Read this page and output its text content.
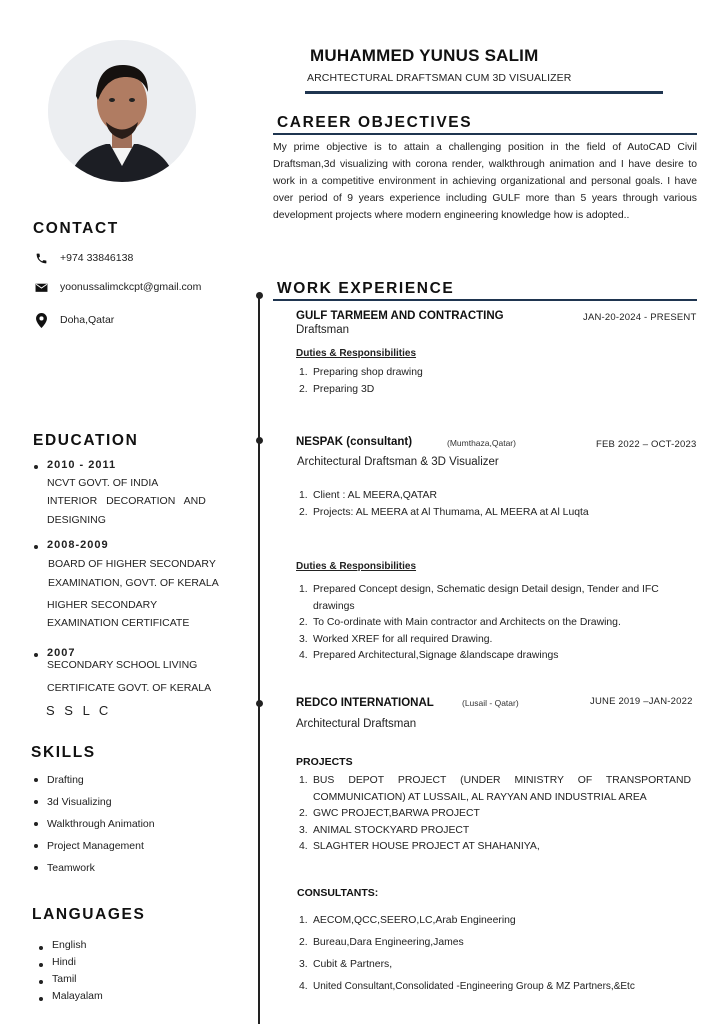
MUHAMMED YUNUS SALIM
ARCHTECTURAL DRAFTSMAN CUM 3D VISUALIZER
CAREER OBJECTIVES
My prime objective is to attain a challenging position in the field of AutoCAD Civil Draftsman,3d visualizing with corona render, walkthrough animation and I have desire to work in a competitive environment in achieving organizational and personal goals. I have over period of 9 years experience including GULF more than 5 years through various development projects where modern engineering knowledge how is adopted..
CONTACT
+974 33846138
yoonussalimckcpt@gmail.com
Doha,Qatar
EDUCATION
2010 - 2011
NCVT GOVT. OF INDIA
INTERIOR DECORATION AND
DESIGNING
2008-2009
BOARD OF HIGHER SECONDARY
EXAMINATION, GOVT. OF KERALA
HIGHER SECONDARY
EXAMINATION CERTIFICATE
2007
SECONDARY SCHOOL LIVING
CERTIFICATE GOVT. OF KERALA
S S L C
SKILLS
Drafting
3d Visualizing
Walkthrough Animation
Project Management
Teamwork
LANGUAGES
English
Hindi
Tamil
Malayalam
WORK EXPERIENCE
GULF TARMEEM AND CONTRACTING	JAN-20-2024 - PRESENT
Draftsman
Duties & Responsibilities
1. Preparing shop drawing
2. Preparing 3D
NESPAK (consultant)	(Mumthaza,Qatar)	FEB 2022 – OCT-2023
Architectural Draftsman & 3D Visualizer
1. Client : AL MEERA,QATAR
2. Projects: AL MEERA at Al Thumama, AL MEERA at Al Luqta
Duties & Responsibilities
1. Prepared Concept design, Schematic design Detail design, Tender and IFC drawings
2. To Co-ordinate with Main contractor and Architects on the Drawing.
3. Worked XREF for all required Drawing.
4. Prepared Architectural,Signage &landscape drawings
REDCO INTERNATIONAL	(Lusail - Qatar)	JUNE 2019 –JAN-2022
Architectural Draftsman
PROJECTS
1. BUS DEPOT PROJECT (UNDER MINISTRY OF TRANSPORTAND COMMUNICATION) AT LUSSAIL, AL RAYYAN AND INDUSTRIAL AREA
2. GWC PROJECT,BARWA PROJECT
3. ANIMAL STOCKYARD PROJECT
4. SLAGHTER HOUSE PROJECT AT SHAHANIYA,
CONSULTANTS:
1. AECOM,QCC,SEERO,LC,Arab Engineering
2. Bureau,Dara Engineering,James
3. Cubit & Partners,
4. United Consultant,Consolidated -Engineering Group & MZ Partners,&Etc
